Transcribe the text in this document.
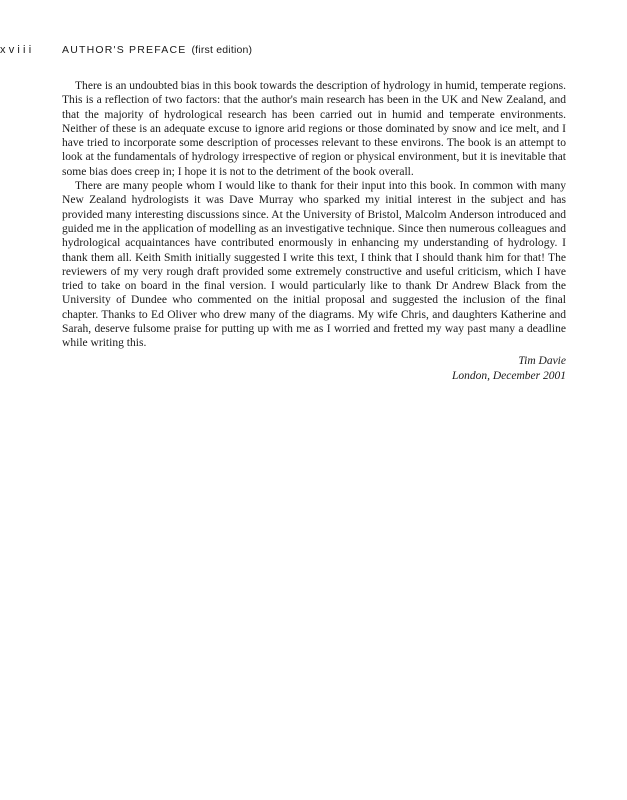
xviii	AUTHOR'S PREFACE (first edition)

There is an undoubted bias in this book towards the description of hydrology in humid, temperate regions. This is a reflection of two factors: that the author's main research has been in the UK and New Zealand, and that the majority of hydrological research has been carried out in humid and temperate environments. Neither of these is an adequate excuse to ignore arid regions or those dominated by snow and ice melt, and I have tried to incorporate some description of processes relevant to these environs. The book is an attempt to look at the fundamentals of hydrology irrespective of region or physical environment, but it is inevitable that some bias does creep in; I hope it is not to the detriment of the book overall.

There are many people whom I would like to thank for their input into this book. In common with many New Zealand hydrologists it was Dave Murray who sparked my initial interest in the subject and has provided many interesting discussions since. At the University of Bristol, Malcolm Anderson introduced and guided me in the application of modelling as an investigative technique. Since then numerous colleagues and hydrological acquaintances have contributed enormously in enhancing my understanding of hydrology. I thank them all. Keith Smith initially suggested I write this text, I think that I should thank him for that! The reviewers of my very rough draft provided some extremely constructive and useful criticism, which I have tried to take on board in the final version. I would particularly like to thank Dr Andrew Black from the University of Dundee who commented on the initial proposal and suggested the inclusion of the final chapter. Thanks to Ed Oliver who drew many of the diagrams. My wife Chris, and daughters Katherine and Sarah, deserve fulsome praise for putting up with me as I worried and fretted my way past many a deadline while writing this.

Tim Davie
London, December 2001
